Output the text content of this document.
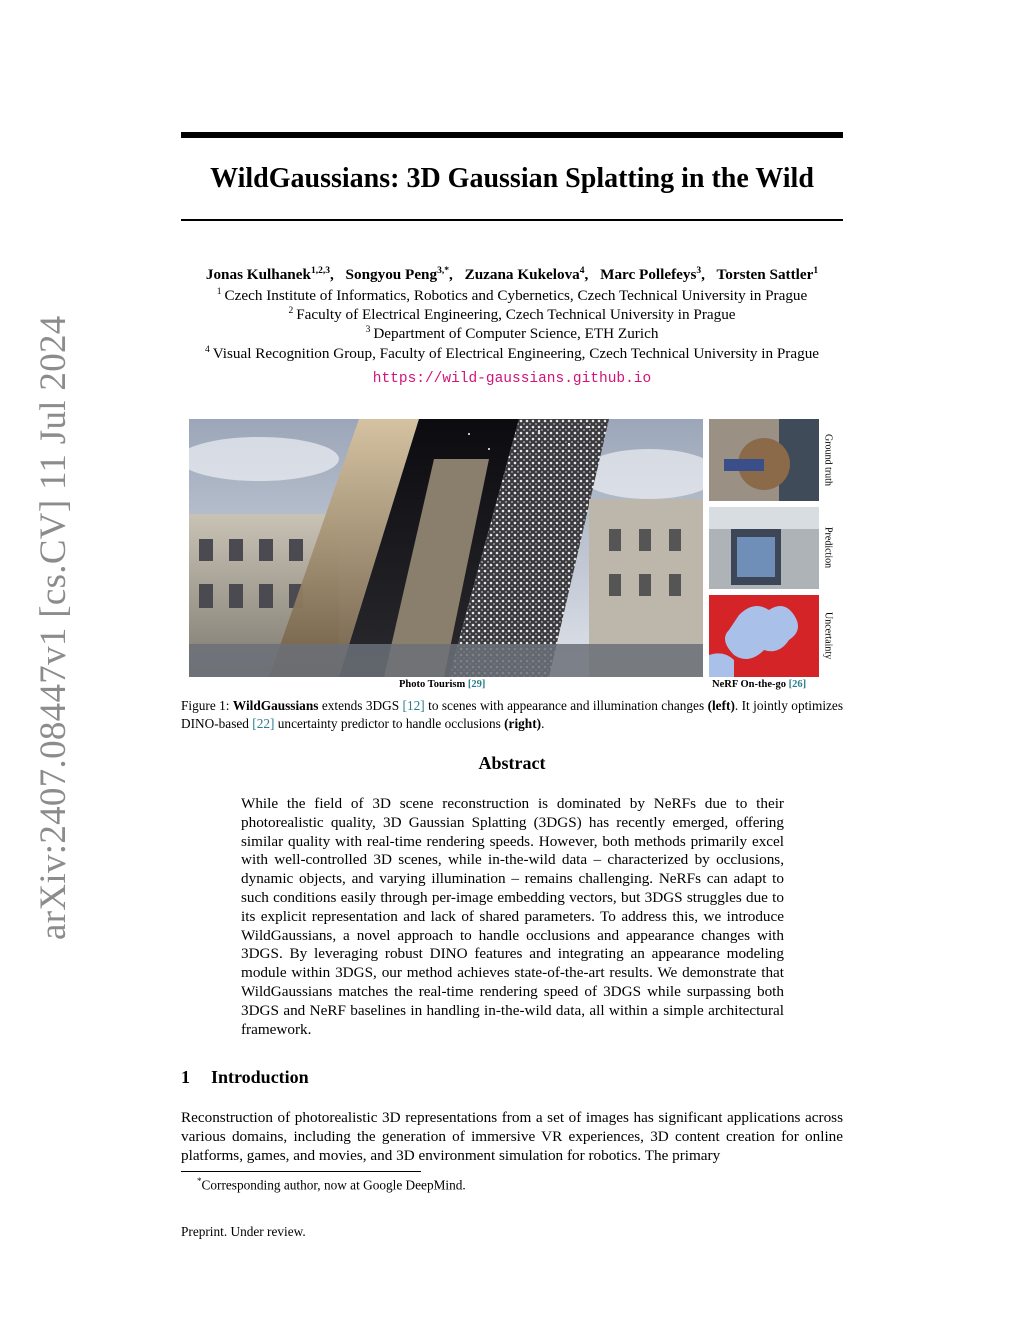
arXiv:2407.08447v1 [cs.CV] 11 Jul 2024
WildGaussians: 3D Gaussian Splatting in the Wild
Jonas Kulhanek$^{1,2,3}$, Songyou Peng$^{3,*}$, Zuzana Kukelova$^4$, Marc Pollefeys$^3$, Torsten Sattler$^1$
$^1$ Czech Institute of Informatics, Robotics and Cybernetics, Czech Technical University in Prague
$^2$ Faculty of Electrical Engineering, Czech Technical University in Prague
$^3$ Department of Computer Science, ETH Zurich
$^4$ Visual Recognition Group, Faculty of Electrical Engineering, Czech Technical University in Prague
https://wild-gaussians.github.io
Ground truth
Prediction
Uncertainty
Photo Tourism [29]	NeRF On-the-go [26]
Figure 1: WildGaussians extends 3DGS [12] to scenes with appearance and illumination changes (left). It jointly optimizes DINO-based [22] uncertainty predictor to handle occlusions (right).
Abstract
While the field of 3D scene reconstruction is dominated by NeRFs due to their photorealistic quality, 3D Gaussian Splatting (3DGS) has recently emerged, offering similar quality with real-time rendering speeds. However, both methods primarily excel with well-controlled 3D scenes, while in-the-wild data – characterized by occlusions, dynamic objects, and varying illumination – remains challenging. NeRFs can adapt to such conditions easily through per-image embedding vectors, but 3DGS struggles due to its explicit representation and lack of shared parameters. To address this, we introduce WildGaussians, a novel approach to handle occlusions and appearance changes with 3DGS. By leveraging robust DINO features and integrating an appearance modeling module within 3DGS, our method achieves state-of-the-art results. We demonstrate that WildGaussians matches the real-time rendering speed of 3DGS while surpassing both 3DGS and NeRF baselines in handling in-the-wild data, all within a simple architectural framework.
1 Introduction
Reconstruction of photorealistic 3D representations from a set of images has significant applications across various domains, including the generation of immersive VR experiences, 3D content creation for online platforms, games, and movies, and 3D environment simulation for robotics. The primary
*Corresponding author, now at Google DeepMind.
Preprint. Under review.
